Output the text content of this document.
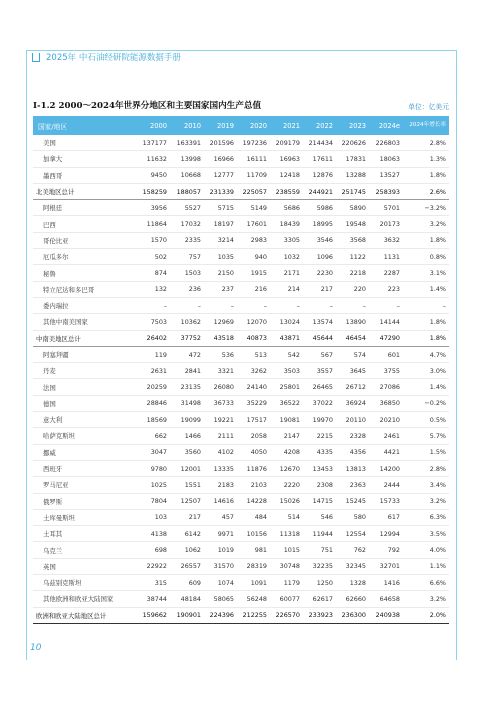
2025年 中石油经研院能源数据手册
I-1.2 2000～2024年世界分地区和主要国家国内生产总值	单位：亿美元
国家/地区	2000	2010	2019	2020	2021	2022	2023	2024e	2024年增长率
美国	137177	163391	201596	197236	209179	214434	220626	226803	2.8%
加拿大	11632	13998	16966	16111	16963	17611	17831	18063	1.3%
墨西哥	9450	10668	12777	11709	12418	12876	13288	13527	1.8%
北美地区总计	158259	188057	231339	225057	238559	244921	251745	258393	2.6%
阿根廷	3956	5527	5715	5149	5686	5986	5890	5701	−3.2%
巴西	11864	17032	18197	17601	18439	18995	19548	20173	3.2%
哥伦比亚	1570	2335	3214	2983	3305	3546	3568	3632	1.8%
厄瓜多尔	502	757	1035	940	1032	1096	1122	1131	0.8%
秘鲁	874	1503	2150	1915	2171	2230	2218	2287	3.1%
特立尼达和多巴哥	132	236	237	216	214	217	220	223	1.4%
委内瑞拉	–	–	–	–	–	–	–	–	–
其他中南美国家	7503	10362	12969	12070	13024	13574	13890	14144	1.8%
中南美地区总计	26402	37752	43518	40873	43871	45644	46454	47290	1.8%
阿塞拜疆	119	472	536	513	542	567	574	601	4.7%
丹麦	2631	2841	3321	3262	3503	3557	3645	3755	3.0%
法国	20259	23135	26080	24140	25801	26465	26712	27086	1.4%
德国	28846	31498	36733	35229	36522	37022	36924	36850	−0.2%
意大利	18569	19099	19221	17517	19081	19970	20110	20210	0.5%
哈萨克斯坦	662	1466	2111	2058	2147	2215	2328	2461	5.7%
挪威	3047	3560	4102	4050	4208	4335	4356	4421	1.5%
西班牙	9780	12001	13335	11876	12670	13453	13813	14200	2.8%
罗马尼亚	1025	1551	2183	2103	2220	2308	2363	2444	3.4%
俄罗斯	7804	12507	14616	14228	15026	14715	15245	15733	3.2%
土库曼斯坦	103	217	457	484	514	546	580	617	6.3%
土耳其	4138	6142	9971	10156	11318	11944	12554	12994	3.5%
乌克兰	698	1062	1019	981	1015	751	762	792	4.0%
英国	22922	26557	31570	28319	30748	32235	32345	32701	1.1%
乌兹别克斯坦	315	609	1074	1091	1179	1250	1328	1416	6.6%
其他欧洲和欧亚大陆国家	38744	48184	58065	56248	60077	62617	62660	64658	3.2%
欧洲和欧亚大陆地区总计	159662	190901	224396	212255	226570	233923	236300	240938	2.0%
10
